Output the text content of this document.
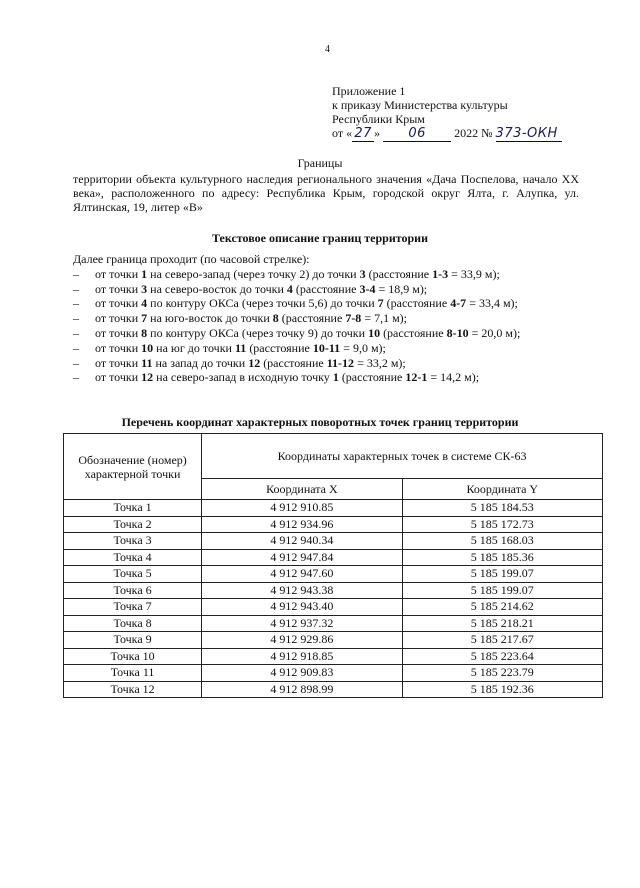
4
Приложение 1
к приказу Министерства культуры
Республики Крым
от « 27 » 06 2022 № 373-ОКН
Границы
территории объекта культурного наследия регионального значения «Дача Поспелова, начало XX века», расположенного по адресу: Республика Крым, городской округ Ялта, г. Алупка, ул. Ялтинская, 19, литер «В»
Текстовое описание границ территории
Далее граница проходит (по часовой стрелке):
–	от точки 1 на северо-запад (через точку 2) до точки 3 (расстояние 1-3 = 33,9 м);
–	от точки 3 на северо-восток до точки 4 (расстояние 3-4 = 18,9 м);
–	от точки 4 по контуру ОКСа (через точки 5,6) до точки 7 (расстояние 4-7 = 33,4 м);
–	от точки 7 на юго-восток до точки 8 (расстояние 7-8 = 7,1 м);
–	от точки 8 по контуру ОКСа (через точку 9) до точки 10 (расстояние 8-10 = 20,0 м);
–	от точки 10 на юг до точки 11 (расстояние 10-11 = 9,0 м);
–	от точки 11 на запад до точки 12 (расстояние 11-12 = 33,2 м);
–	от точки 12 на северо-запад в исходную точку 1 (расстояние 12-1 = 14,2 м);
Перечень координат характерных поворотных точек границ территории
Обозначение (номер) характерной точки	Координаты характерных точек в системе СК-63	
	Координата X	Координата Y
Точка 1	4 912 910.85	5 185 184.53
Точка 2	4 912 934.96	5 185 172.73
Точка 3	4 912 940.34	5 185 168.03
Точка 4	4 912 947.84	5 185 185.36
Точка 5	4 912 947.60	5 185 199.07
Точка 6	4 912 943.38	5 185 199.07
Точка 7	4 912 943.40	5 185 214.62
Точка 8	4 912 937.32	5 185 218.21
Точка 9	4 912 929.86	5 185 217.67
Точка 10	4 912 918.85	5 185 223.64
Точка 11	4 912 909.83	5 185 223.79
Точка 12	4 912 898.99	5 185 192.36
